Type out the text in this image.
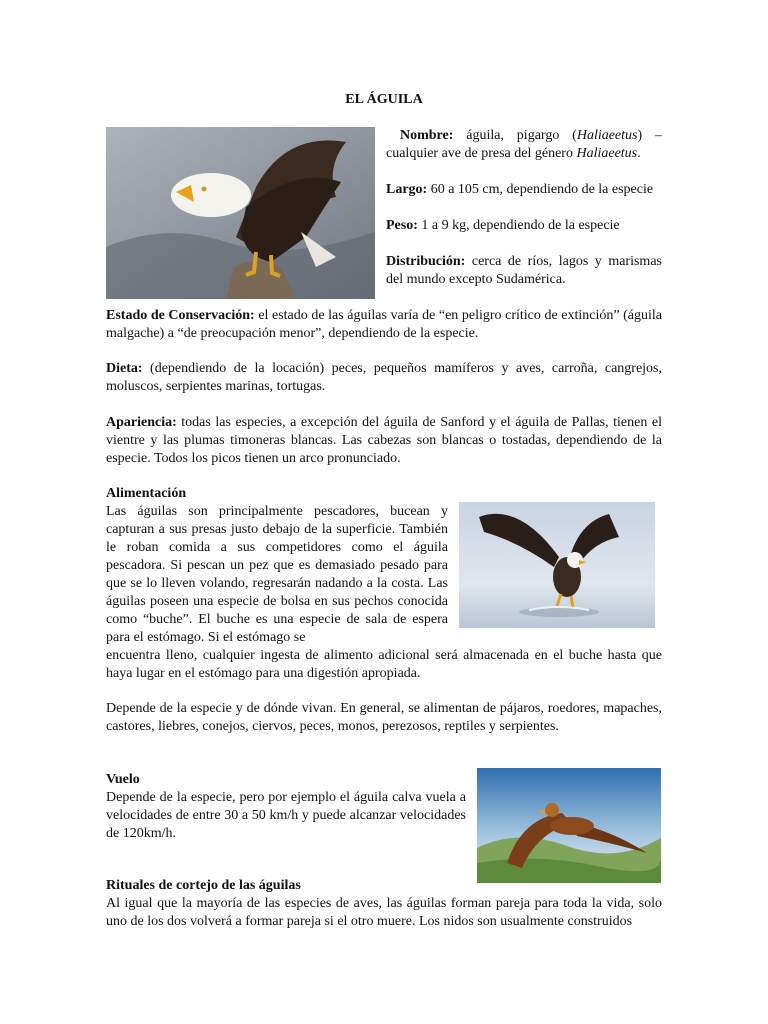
EL ÁGUILA

Nombre: águila, pigargo (Haliaeetus) – cualquier ave de presa del género Haliaeetus.

Largo: 60 a 105 cm, dependiendo de la especie

Peso: 1 a 9 kg, dependiendo de la especie

Distribución: cerca de ríos, lagos y marismas del mundo excepto Sudamérica.

Estado de Conservación: el estado de las águilas varía de “en peligro crítico de extinción” (águila malgache) a “de preocupación menor”, dependiendo de la especie.

Dieta: (dependiendo de la locación) peces, pequeños mamíferos y aves, carroña, cangrejos, moluscos, serpientes marinas, tortugas.

Apariencia: todas las especies, a excepción del águila de Sanford y el águila de Pallas, tienen el vientre y las plumas timoneras blancas. Las cabezas son blancas o tostadas, dependiendo de la especie. Todos los picos tienen un arco pronunciado.

Alimentación

Las águilas son principalmente pescadores, bucean y capturan a sus presas justo debajo de la superficie. También le roban comida a sus competidores como el águila pescadora. Si pescan un pez que es demasiado pesado para que se lo lleven volando, regresarán nadando a la costa. Las águilas poseen una especie de bolsa en sus pechos conocida como “buche”. El buche es una especie de sala de espera para el estómago. Si el estómago se

encuentra lleno, cualquier ingesta de alimento adicional será almacenada en el buche hasta que haya lugar en el estómago para una digestión apropiada.

Depende de la especie y de dónde vivan. En general, se alimentan de pájaros, roedores, mapaches, castores, liebres, conejos, ciervos, peces, monos, perezosos, reptiles y serpientes.

Vuelo

Depende de la especie, pero por ejemplo el águila calva vuela a velocidades de entre 30 a 50 km/h y puede alcanzar velocidades de 120km/h.

Rituales de cortejo de las águilas

Al igual que la mayoría de las especies de aves, las águilas forman pareja para toda la vida, solo uno de los dos volverá a formar pareja si el otro muere. Los nidos son usualmente construidos
